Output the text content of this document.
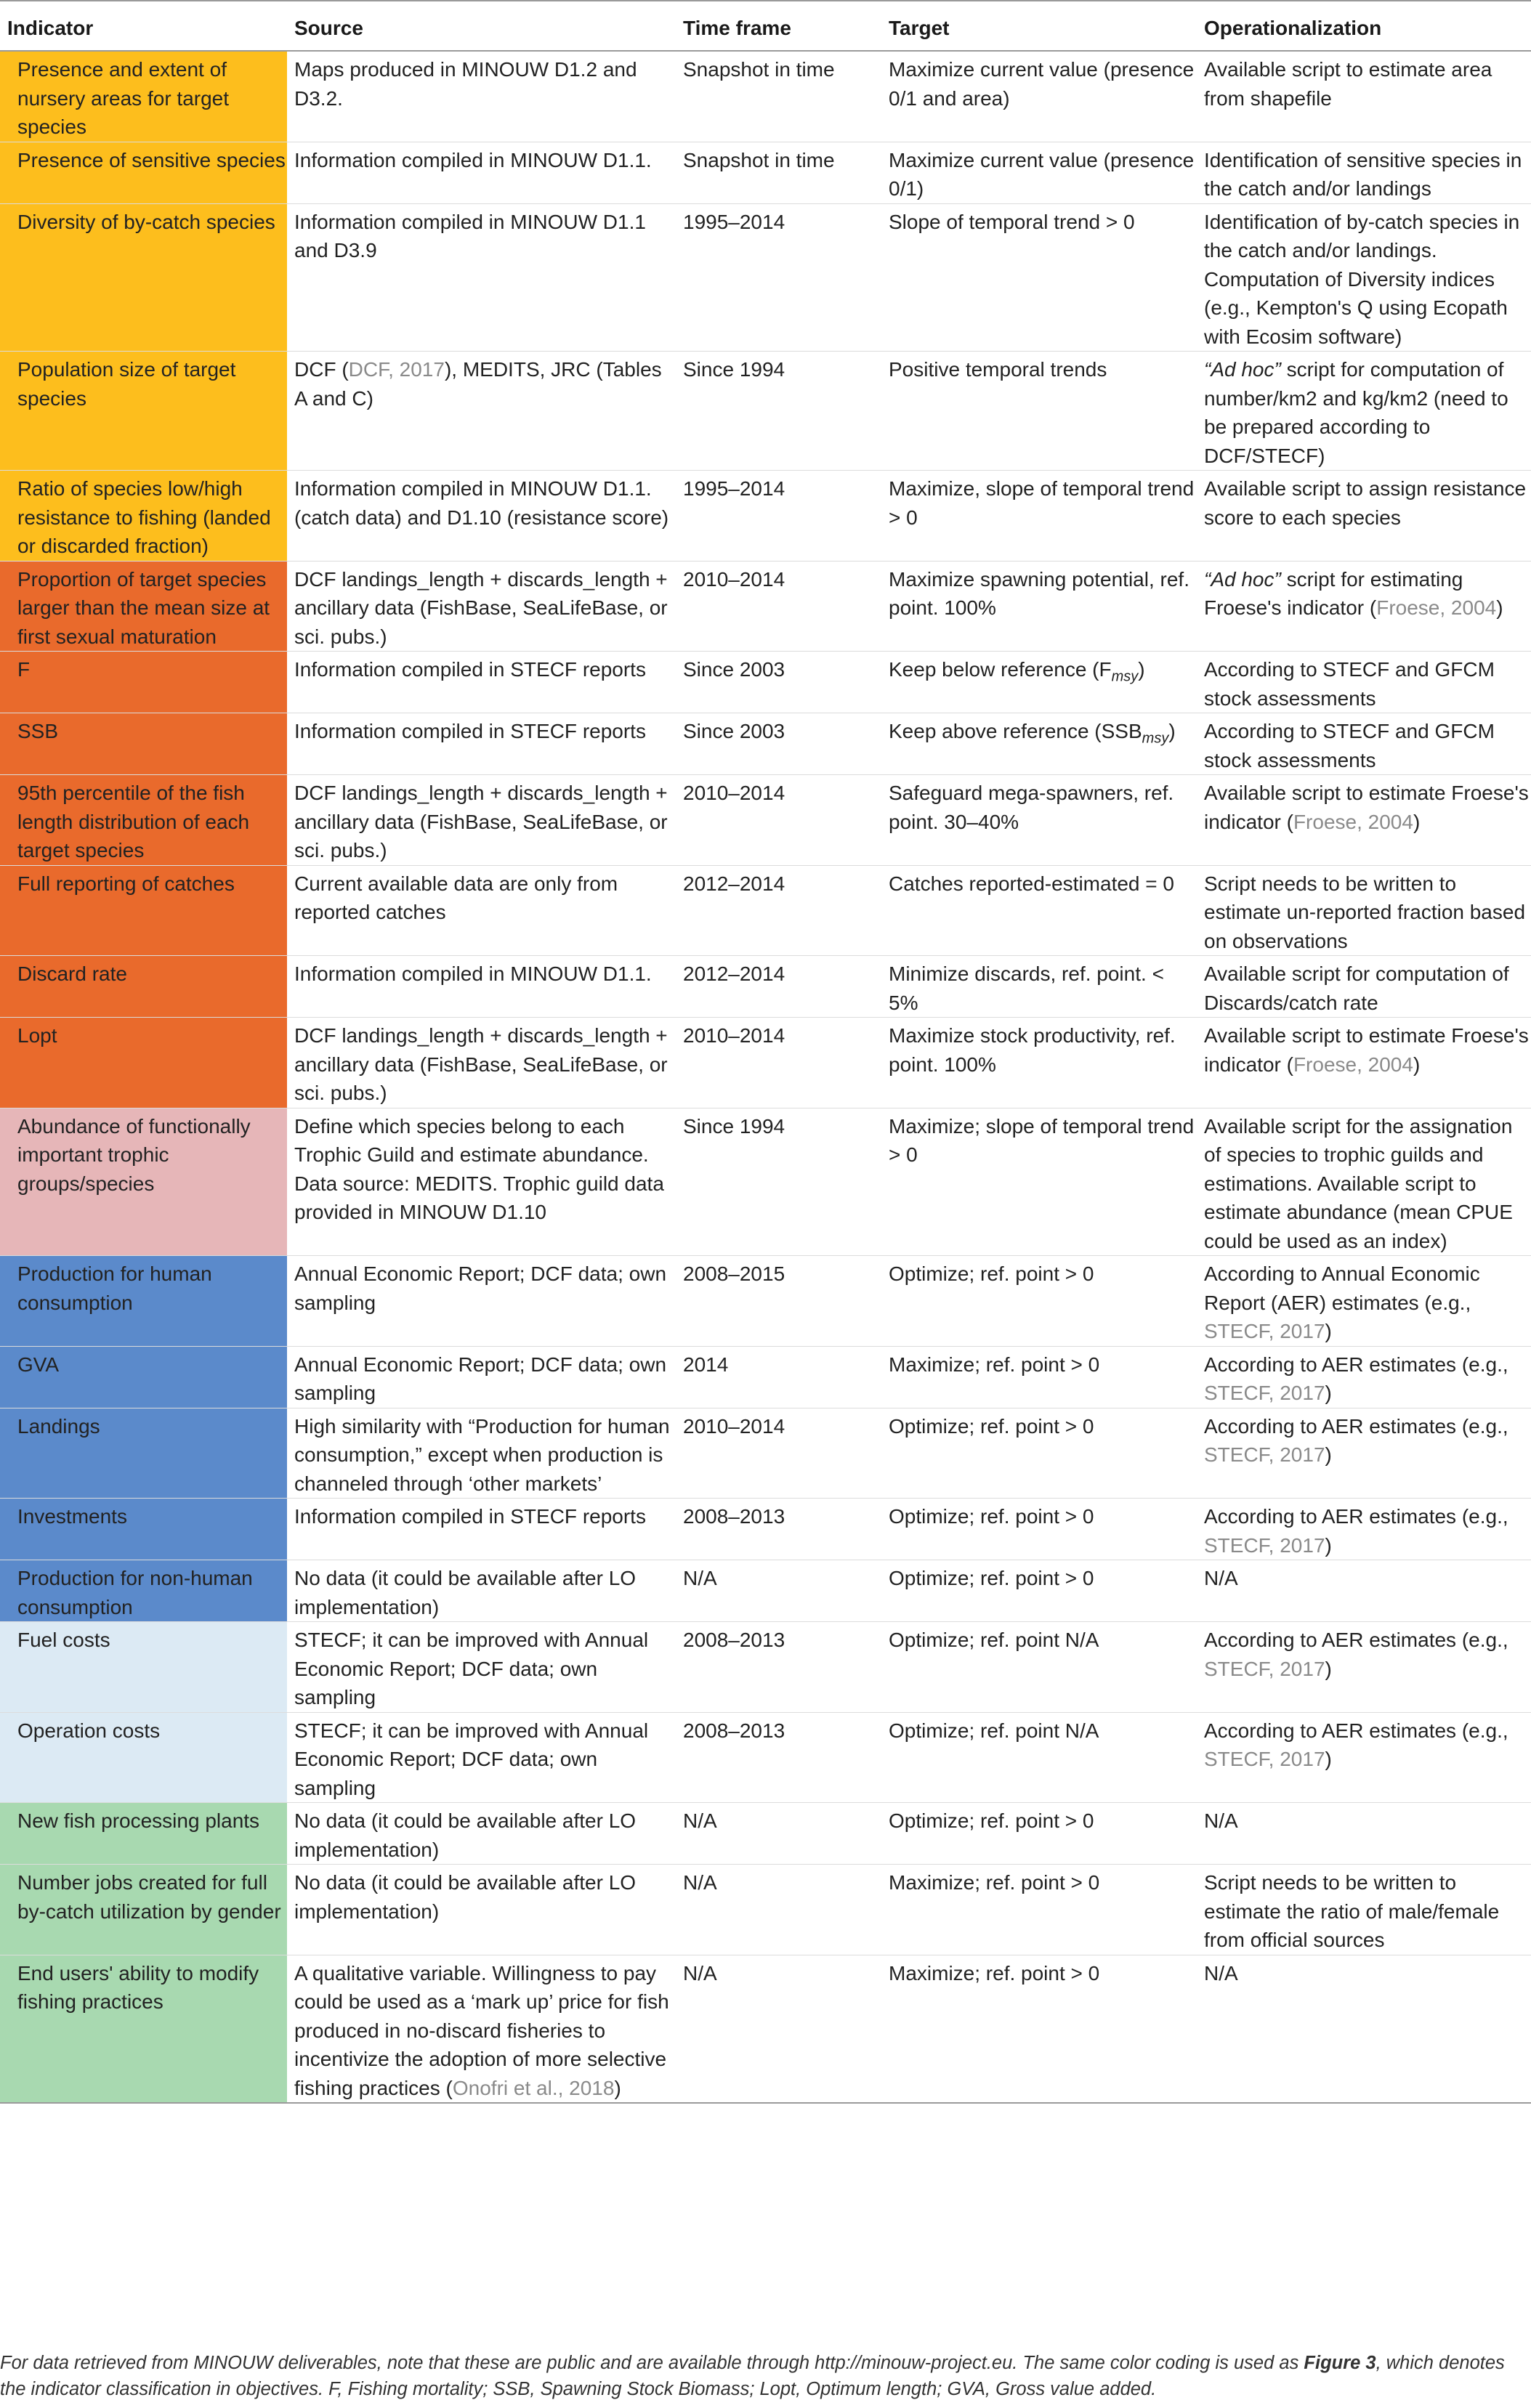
Indicator	Source	Time frame	Target	Operationalization
Presence and extent of nursery areas for target species	Maps produced in MINOUW D1.2 and D3.2.	Snapshot in time	Maximize current value (presence 0/1 and area)	Available script to estimate area from shapefile
Presence of sensitive species	Information compiled in MINOUW D1.1.	Snapshot in time	Maximize current value (presence 0/1)	Identification of sensitive species in the catch and/or landings
Diversity of by-catch species	Information compiled in MINOUW D1.1 and D3.9	1995–2014	Slope of temporal trend > 0	Identification of by-catch species in the catch and/or landings. Computation of Diversity indices (e.g., Kempton's Q using Ecopath with Ecosim software)
Population size of target species	DCF (DCF, 2017), MEDITS, JRC (Tables A and C)	Since 1994	Positive temporal trends	“Ad hoc” script for computation of number/km2 and kg/km2 (need to be prepared according to DCF/STECF)
Ratio of species low/high resistance to fishing (landed or discarded fraction)	Information compiled in MINOUW D1.1. (catch data) and D1.10 (resistance score)	1995–2014	Maximize, slope of temporal trend > 0	Available script to assign resistance score to each species
Proportion of target species larger than the mean size at first sexual maturation	DCF landings_length + discards_length + ancillary data (FishBase, SeaLifeBase, or sci. pubs.)	2010–2014	Maximize spawning potential, ref. point. 100%	“Ad hoc” script for estimating Froese's indicator (Froese, 2004)
F	Information compiled in STECF reports	Since 2003	Keep below reference $(F_{msy})$	According to STECF and GFCM stock assessments
SSB	Information compiled in STECF reports	Since 2003	Keep above reference $(SSB_{msy})$	According to STECF and GFCM stock assessments
95th percentile of the fish length distribution of each target species	DCF landings_length + discards_length + ancillary data (FishBase, SeaLifeBase, or sci. pubs.)	2010–2014	Safeguard mega-spawners, ref. point. 30–40%	Available script to estimate Froese's indicator (Froese, 2004)
Full reporting of catches	Current available data are only from reported catches	2012–2014	Catches reported-estimated = 0	Script needs to be written to estimate un-reported fraction based on observations
Discard rate	Information compiled in MINOUW D1.1.	2012–2014	Minimize discards, ref. point. < 5%	Available script for computation of Discards/catch rate
Lopt	DCF landings_length + discards_length + ancillary data (FishBase, SeaLifeBase, or sci. pubs.)	2010–2014	Maximize stock productivity, ref. point. 100%	Available script to estimate Froese's indicator (Froese, 2004)
Abundance of functionally important trophic groups/species	Define which species belong to each Trophic Guild and estimate abundance. Data source: MEDITS. Trophic guild data provided in MINOUW D1.10	Since 1994	Maximize; slope of temporal trend > 0	Available script for the assignation of species to trophic guilds and estimations. Available script to estimate abundance (mean CPUE could be used as an index)
Production for human consumption	Annual Economic Report; DCF data; own sampling	2008–2015	Optimize; ref. point > 0	According to Annual Economic Report (AER) estimates (e.g., STECF, 2017)
GVA	Annual Economic Report; DCF data; own sampling	2014	Maximize; ref. point > 0	According to AER estimates (e.g., STECF, 2017)
Landings	High similarity with “Production for human consumption,” except when production is channeled through ‘other markets’	2010–2014	Optimize; ref. point > 0	According to AER estimates (e.g., STECF, 2017)
Investments	Information compiled in STECF reports	2008–2013	Optimize; ref. point > 0	According to AER estimates (e.g., STECF, 2017)
Production for non-human consumption	No data (it could be available after LO implementation)	N/A	Optimize; ref. point > 0	N/A
Fuel costs	STECF; it can be improved with Annual Economic Report; DCF data; own sampling	2008–2013	Optimize; ref. point N/A	According to AER estimates (e.g., STECF, 2017)
Operation costs	STECF; it can be improved with Annual Economic Report; DCF data; own sampling	2008–2013	Optimize; ref. point N/A	According to AER estimates (e.g., STECF, 2017)
New fish processing plants	No data (it could be available after LO implementation)	N/A	Optimize; ref. point > 0	N/A
Number jobs created for full by-catch utilization by gender	No data (it could be available after LO implementation)	N/A	Maximize; ref. point > 0	Script needs to be written to estimate the ratio of male/female from official sources
End users' ability to modify fishing practices	A qualitative variable. Willingness to pay could be used as a ‘mark up’ price for fish produced in no-discard fisheries to incentivize the adoption of more selective fishing practices (Onofri et al., 2018)	N/A	Maximize; ref. point > 0	N/A
For data retrieved from MINOUW deliverables, note that these are public and are available through http://minouw-project.eu. The same color coding is used as Figure 3, which denotes the indicator classification in objectives. F, Fishing mortality; SSB, Spawning Stock Biomass; Lopt, Optimum length; GVA, Gross value added.
